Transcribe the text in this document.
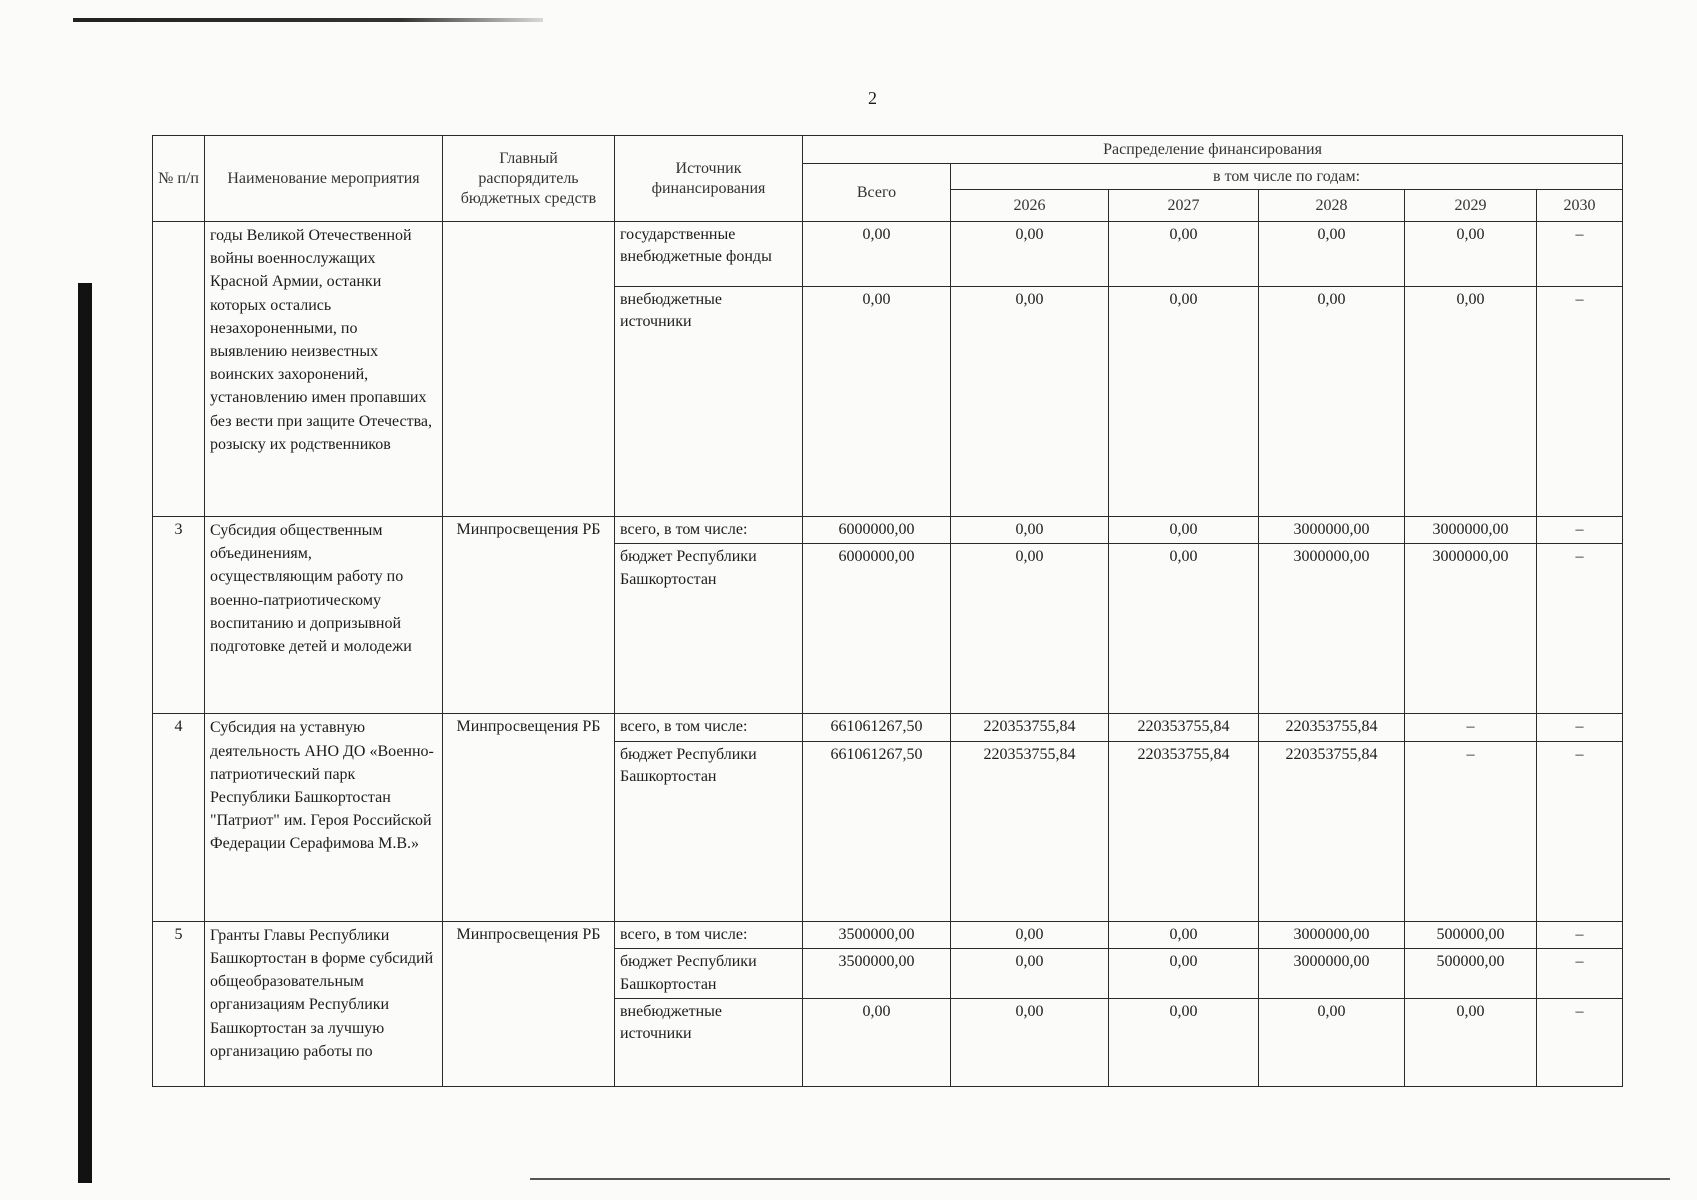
2
№ п/п	Наименование мероприятия	Главный распорядитель бюджетных средств	Источник финансирования	Распределение финансирования					
				Всего	в том числе по годам:				
					2026	2027	2028	2029	2030
	годы Великой Отечественной войны военнослужащих Красной Армии, останки которых остались незахороненными, по выявлению неизвестных воинских захоронений, установлению имен пропавших без вести при защите Отечества, розыску их родственников		государственные внебюджетные фонды	0,00	0,00	0,00	0,00	0,00	–
			внебюджетные источники	0,00	0,00	0,00	0,00	0,00	–
3	Субсидия общественным объединениям, осуществляющим работу по военно-патриотическому воспитанию и допризывной подготовке детей и молодежи	Минпросвещения РБ	всего, в том числе:	6000000,00	0,00	0,00	3000000,00	3000000,00	–
			бюджет Республики Башкортостан	6000000,00	0,00	0,00	3000000,00	3000000,00	–
4	Субсидия на уставную деятельность АНО ДО «Военно-патриотический парк Республики Башкортостан "Патриот" им. Героя Российской Федерации Серафимова М.В.»	Минпросвещения РБ	всего, в том числе:	661061267,50	220353755,84	220353755,84	220353755,84	–	–
			бюджет Республики Башкортостан	661061267,50	220353755,84	220353755,84	220353755,84	–	–
5	Гранты Главы Республики Башкортостан в форме субсидий общеобразовательным организациям Республики Башкортостан за лучшую организацию работы по	Минпросвещения РБ	всего, в том числе:	3500000,00	0,00	0,00	3000000,00	500000,00	–
			бюджет Республики Башкортостан	3500000,00	0,00	0,00	3000000,00	500000,00	–
			внебюджетные источники	0,00	0,00	0,00	0,00	0,00	–
